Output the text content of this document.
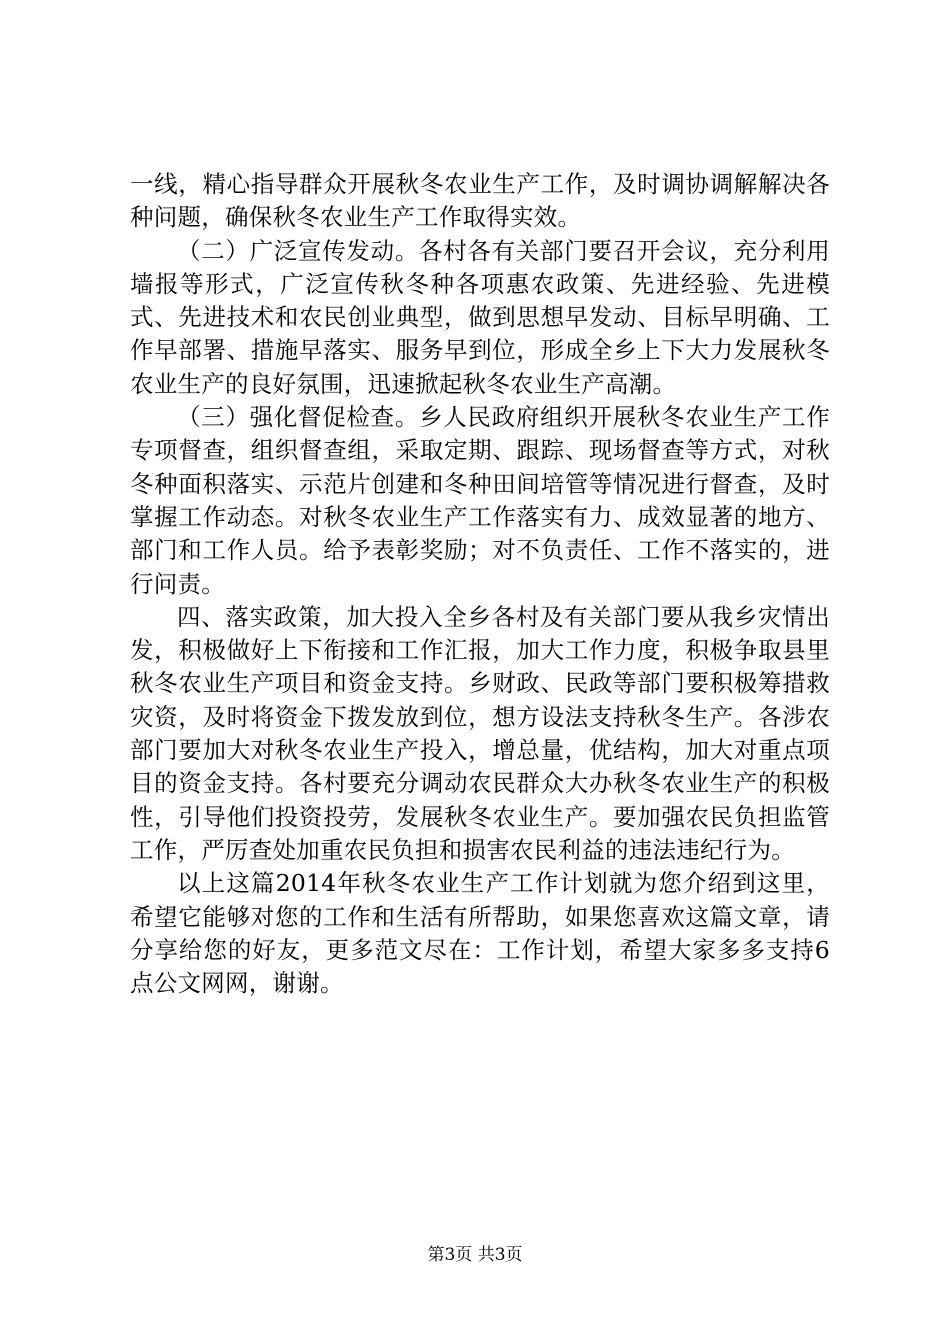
一线，精心指导群众开展秋冬农业生产工作，及时调协调解解决各种问题，确保秋冬农业生产工作取得实效。

（二）广泛宣传发动。各村各有关部门要召开会议，充分利用墙报等形式，广泛宣传秋冬种各项惠农政策、先进经验、先进模式、先进技术和农民创业典型，做到思想早发动、目标早明确、工作早部署、措施早落实、服务早到位，形成全乡上下大力发展秋冬农业生产的良好氛围，迅速掀起秋冬农业生产高潮。

（三）强化督促检查。乡人民政府组织开展秋冬农业生产工作专项督查，组织督查组，采取定期、跟踪、现场督查等方式，对秋冬种面积落实、示范片创建和冬种田间培管等情况进行督查，及时掌握工作动态。对秋冬农业生产工作落实有力、成效显著的地方、部门和工作人员。给予表彰奖励；对不负责任、工作不落实的，进行问责。

四、落实政策，加大投入全乡各村及有关部门要从我乡灾情出发，积极做好上下衔接和工作汇报，加大工作力度，积极争取县里秋冬农业生产项目和资金支持。乡财政、民政等部门要积极筹措救灾资，及时将资金下拨发放到位，想方设法支持秋冬生产。各涉农部门要加大对秋冬农业生产投入，增总量，优结构，加大对重点项目的资金支持。各村要充分调动农民群众大办秋冬农业生产的积极性，引导他们投资投劳，发展秋冬农业生产。要加强农民负担监管工作，严厉查处加重农民负担和损害农民利益的违法违纪行为。

以上这篇2014年秋冬农业生产工作计划就为您介绍到这里，希望它能够对您的工作和生活有所帮助，如果您喜欢这篇文章，请分享给您的好友，更多范文尽在：工作计划，希望大家多多支持6点公文网网，谢谢。

第3页 共3页
